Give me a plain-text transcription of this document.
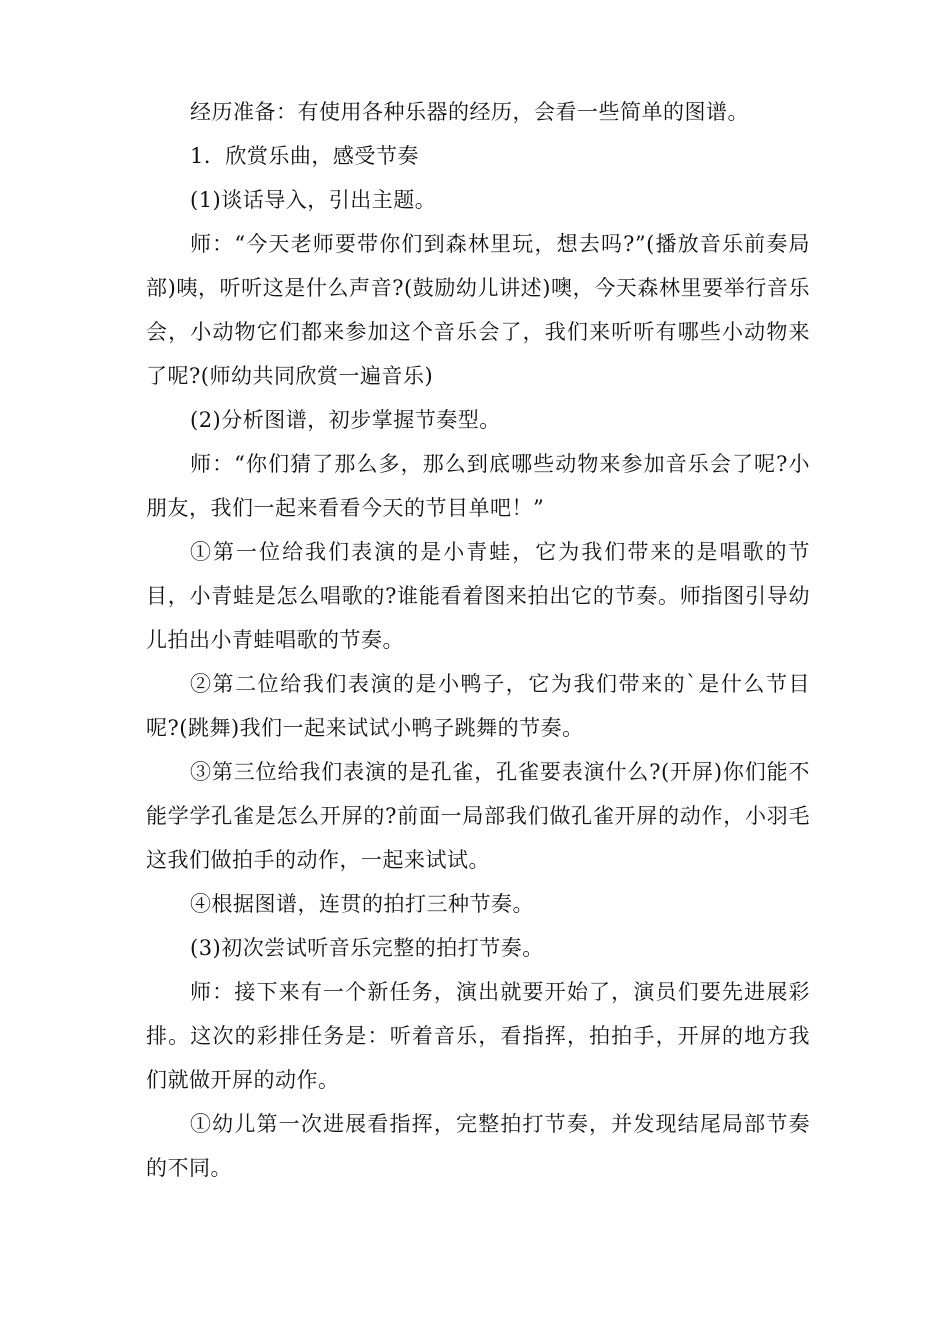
经历准备：有使用各种乐器的经历，会看一些简单的图谱。

1．欣赏乐曲，感受节奏

(1)谈话导入，引出主题。

师：“今天老师要带你们到森林里玩，想去吗?”(播放音乐前奏局部)咦，听听这是什么声音?(鼓励幼儿讲述)噢，今天森林里要举行音乐会，小动物它们都来参加这个音乐会了，我们来听听有哪些小动物来了呢?(师幼共同欣赏一遍音乐)

(2)分析图谱，初步掌握节奏型。

师：“你们猜了那么多，那么到底哪些动物来参加音乐会了呢?小朋友，我们一起来看看今天的节目单吧！”

①第一位给我们表演的是小青蛙，它为我们带来的是唱歌的节目，小青蛙是怎么唱歌的?谁能看着图来拍出它的节奏。师指图引导幼儿拍出小青蛙唱歌的节奏。

②第二位给我们表演的是小鸭子，它为我们带来的`是什么节目呢?(跳舞)我们一起来试试小鸭子跳舞的节奏。

③第三位给我们表演的是孔雀，孔雀要表演什么?(开屏)你们能不能学学孔雀是怎么开屏的?前面一局部我们做孔雀开屏的动作，小羽毛这我们做拍手的动作，一起来试试。

④根据图谱，连贯的拍打三种节奏。

(3)初次尝试听音乐完整的拍打节奏。

师：接下来有一个新任务，演出就要开始了，演员们要先进展彩排。这次的彩排任务是：听着音乐，看指挥，拍拍手，开屏的地方我们就做开屏的动作。

①幼儿第一次进展看指挥，完整拍打节奏，并发现结尾局部节奏的不同。
